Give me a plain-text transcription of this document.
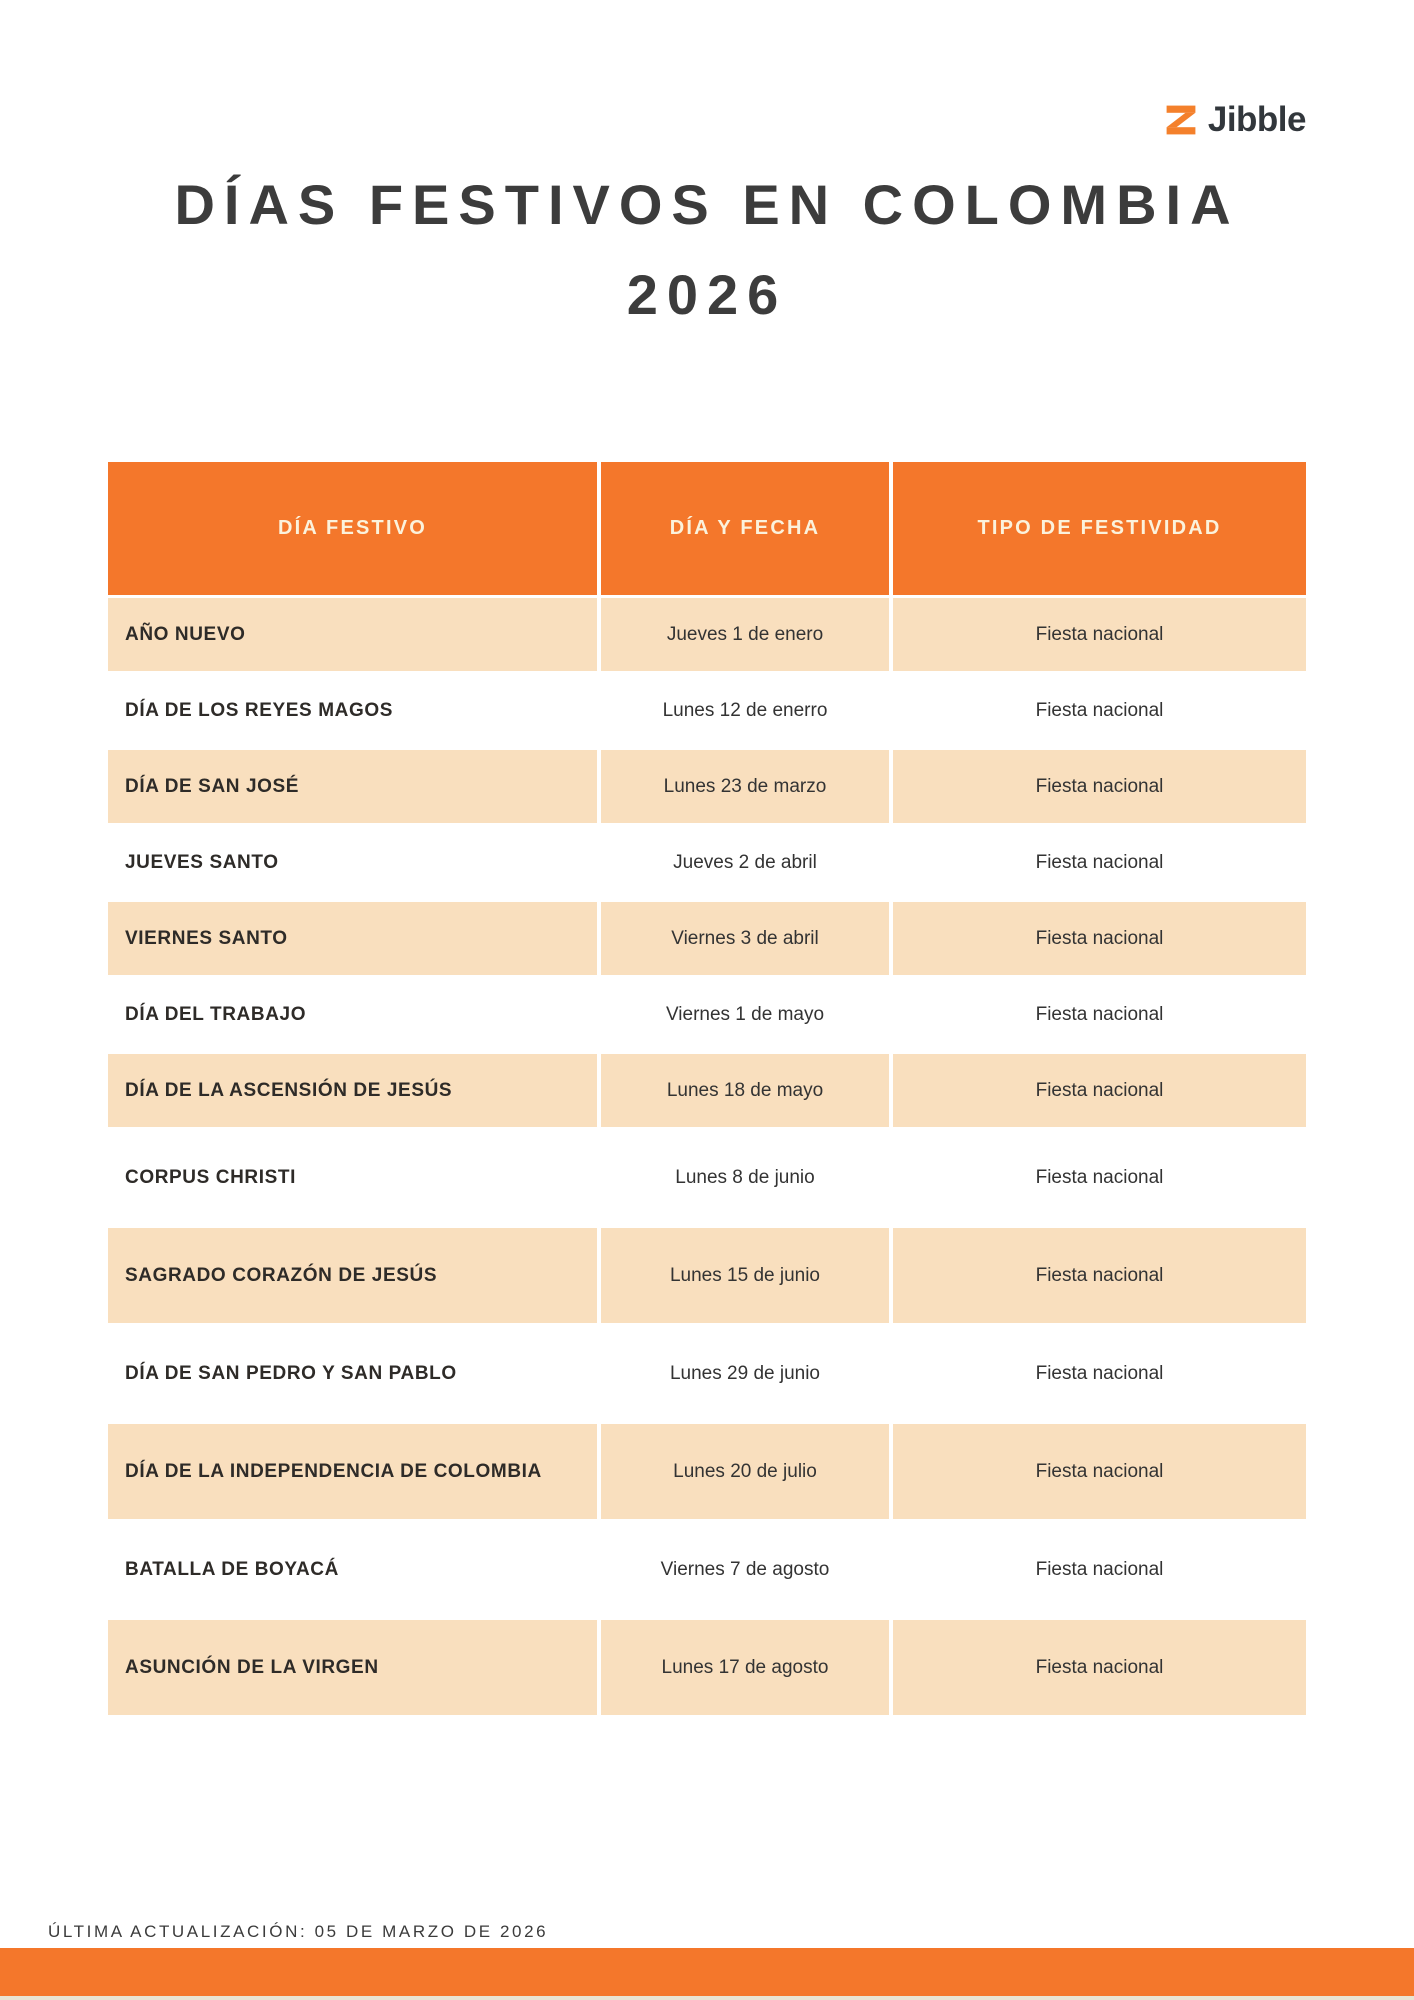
Jibble
DÍAS FESTIVOS EN COLOMBIA
2026
DÍA FESTIVO	DÍA Y FECHA	TIPO DE FESTIVIDAD
AÑO NUEVO	Jueves 1 de enero	Fiesta nacional
DÍA DE LOS REYES MAGOS	Lunes 12 de enerro	Fiesta nacional
DÍA DE SAN JOSÉ	Lunes 23 de marzo	Fiesta nacional
JUEVES SANTO	Jueves 2 de abril	Fiesta nacional
VIERNES SANTO	Viernes 3 de abril	Fiesta nacional
DÍA DEL TRABAJO	Viernes 1 de mayo	Fiesta nacional
DÍA DE LA ASCENSIÓN DE JESÚS	Lunes 18 de mayo	Fiesta nacional
CORPUS CHRISTI	Lunes 8 de junio	Fiesta nacional
SAGRADO CORAZÓN DE JESÚS	Lunes 15 de junio	Fiesta nacional
DÍA DE SAN PEDRO Y SAN PABLO	Lunes 29 de junio	Fiesta nacional
DÍA DE LA INDEPENDENCIA DE COLOMBIA	Lunes 20 de julio	Fiesta nacional
BATALLA DE BOYACÁ	Viernes 7 de agosto	Fiesta nacional
ASUNCIÓN DE LA VIRGEN	Lunes 17 de agosto	Fiesta nacional
ÚLTIMA ACTUALIZACIÓN: 05 DE MARZO DE 2026
